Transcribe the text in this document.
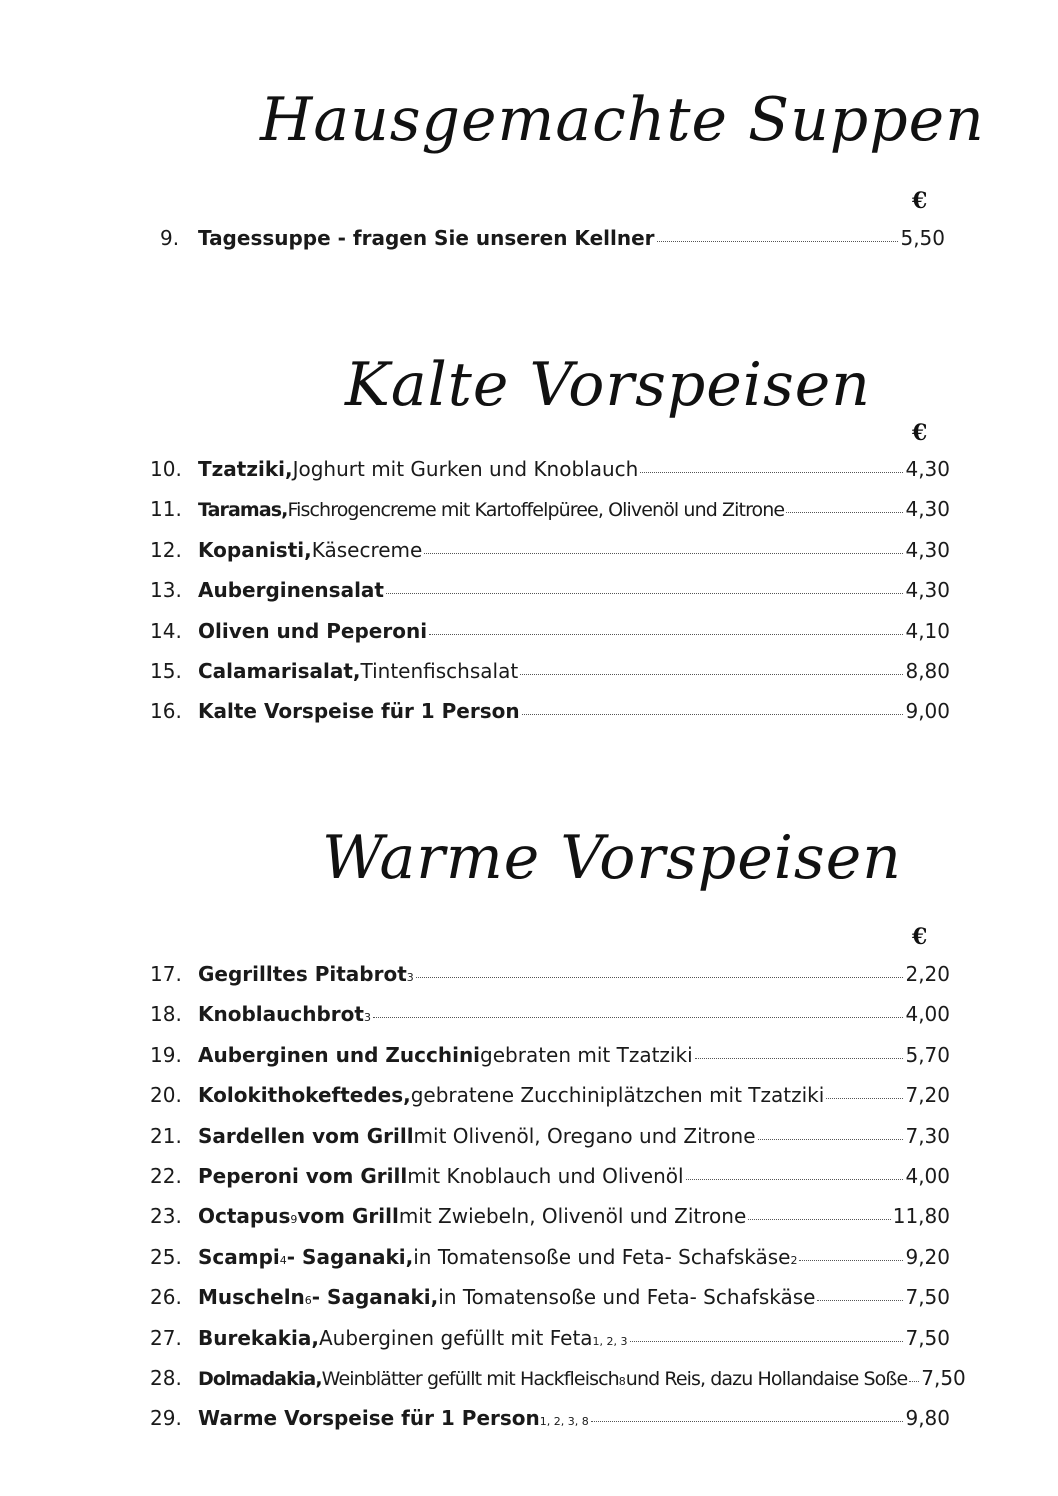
Hausgemachte Suppen
€
9. Tagessuppe - fragen Sie unseren Kellner	5,50
Kalte Vorspeisen
€
10. Tzatziki, Joghurt mit Gurken und Knoblauch	4,30
11. Taramas, Fischrogencreme mit Kartoffelpüree, Olivenöl und Zitrone	4,30
12. Kopanisti, Käsecreme	4,30
13. Auberginensalat	4,30
14. Oliven und Peperoni	4,10
15. Calamarisalat, Tintenfischsalat	8,80
16. Kalte Vorspeise für 1 Person	9,00
Warme Vorspeisen
€
17. Gegrilltes Pitabrot 3	2,20
18. Knoblauchbrot 3	4,00
19. Auberginen und Zucchini gebraten mit Tzatziki	5,70
20. Kolokithokeftedes, gebratene Zucchiniplätzchen mit Tzatziki	7,20
21. Sardellen vom Grill mit Olivenöl, Oregano und Zitrone	7,30
22. Peperoni vom Grill mit Knoblauch und Olivenöl	4,00
23. Octapus 9 vom Grill mit Zwiebeln, Olivenöl und Zitrone	11,80
25. Scampi 4 - Saganaki, in Tomatensoße und Feta- Schafskäse 2	9,20
26. Muscheln 6 - Saganaki, in Tomatensoße und Feta- Schafskäse	7,50
27. Burekakia, Auberginen gefüllt mit Feta 1, 2, 3	7,50
28. Dolmadakia, Weinblätter gefüllt mit Hackfleisch 8 und Reis, dazu Hollandaise Soße 7,50
29. Warme Vorspeise für 1 Person 1, 2, 3, 8	9,80
